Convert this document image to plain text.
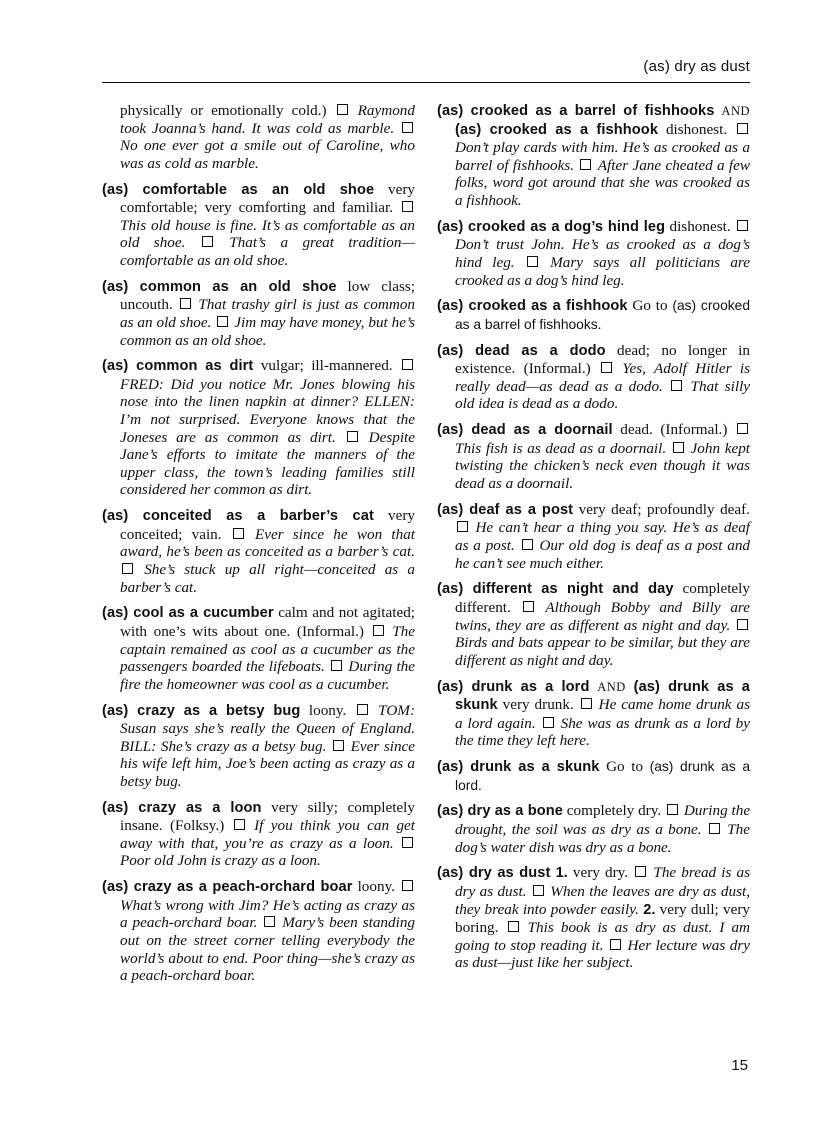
(as) dry as dust

physically or emotionally cold.) Raymond took Joanna’s hand. It was cold as marble.  No one ever got a smile out of Caroline, who was as cold as marble.

(as) comfortable as an old shoe very comfortable; very comforting and familiar.  This old house is fine. It’s as comfortable as an old shoe.	That’s a great tradition—comfortable as an old shoe.

(as) common as an old shoe low class; uncouth. That trashy girl is just as common as an old shoe. Jim may have money, but he’s common as an old shoe.

(as) common as dirt vulgar; ill-mannered.  FRED: Did you notice Mr. Jones blowing his nose into the linen napkin at dinner? ELLEN: I’m not surprised. Everyone knows that the Joneses are as common as dirt. Despite Jane’s efforts to imitate the manners of the upper class, the town’s leading families still considered her common as dirt.

(as) conceited as a barber’s cat very conceited; vain. Ever since he won that award, he’s been as conceited as a barber’s cat.  She’s stuck up all right—conceited as a barber’s cat.

(as) cool as a cucumber calm and not agitated; with one’s wits about one. (Informal.) The captain remained as cool as a cucumber as the passengers boarded the lifeboats. During the fire the homeowner was cool as a cucumber.

(as) crazy as a betsy bug loony. TOM: Susan says she’s really the Queen of England. BILL: She’s crazy as a betsy bug. Ever since his wife left him, Joe’s been acting as crazy as a betsy bug.

(as) crazy as a loon very silly; completely insane. (Folksy.) If you think you can get away with that, you’re as crazy as a loon.  Poor old John is crazy as a loon.

(as) crazy as a peach-orchard boar loony.  What’s wrong with Jim? He’s acting as crazy as a peach-orchard boar. Mary’s been standing out on the street corner telling everybody the world’s about to end. Poor thing—she’s crazy as a peach-orchard boar.

(as) crooked as a barrel of fishhooks AND (as) crooked as a fishhook dishonest.  Don’t play cards with him. He’s as crooked as a barrel of fishhooks. After Jane cheated a few folks, word got around that she was crooked as a fishhook.

(as) crooked as a dog’s hind leg dishonest.  Don’t trust John. He’s as crooked as a dog’s hind leg. Mary says all politicians are crooked as a dog’s hind leg.

(as) crooked as a fishhook Go to (as) crooked as a barrel of fishhooks.

(as) dead as a dodo dead; no longer in existence. (Informal.) Yes, Adolf Hitler is really dead—as dead as a dodo. That silly old idea is dead as a dodo.

(as) dead as a doornail dead. (Informal.)  This fish is as dead as a doornail. John kept twisting the chicken’s neck even though it was dead as a doornail.

(as) deaf as a post very deaf; profoundly deaf.  He can’t hear a thing you say. He’s as deaf as a post. Our old dog is deaf as a post and he can’t see much either.

(as) different as night and day completely different. Although Bobby and Billy are twins, they are as different as night and day.  Birds and bats appear to be similar, but they are different as night and day.

(as) drunk as a lord AND (as) drunk as a skunk very drunk. He came home drunk as a lord again. She was as drunk as a lord by the time they left here.

(as) drunk as a skunk Go to (as) drunk as a lord.

(as) dry as a bone completely dry. During the drought, the soil was as dry as a bone. The dog’s water dish was dry as a bone.

(as) dry as dust 1. very dry. The bread is as dry as dust. When the leaves are dry as dust, they break into powder easily. 2. very dull; very boring. This book is as dry as dust. I am going to stop reading it. Her lecture was dry as dust—just like her subject.

15
